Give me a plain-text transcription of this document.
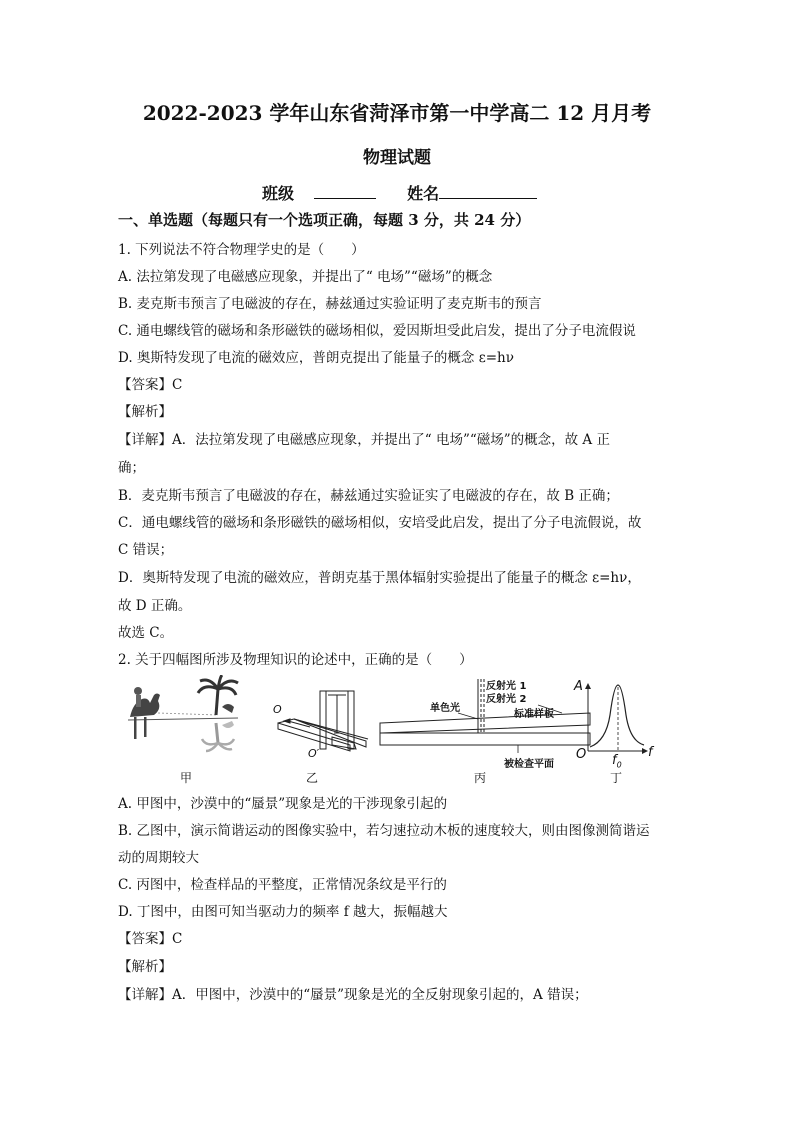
2022-2023 学年山东省菏泽市第一中学高二 12 月月考
物理试题
班级	姓名
一、单选题（每题只有一个选项正确，每题 3 分，共 24 分）
1. 下列说法不符合物理学史的是（　　）
A. 法拉第发现了电磁感应现象，并提出了“ 电场”“磁场”的概念
B. 麦克斯韦预言了电磁波的存在，赫兹通过实验证明了麦克斯韦的预言
C. 通电螺线管的磁场和条形磁铁的磁场相似，爱因斯坦受此启发，提出了分子电流假说
D. 奥斯特发现了电流的磁效应，普朗克提出了能量子的概念 ε=hν
【答案】C
【解析】
【详解】A．法拉第发现了电磁感应现象，并提出了“ 电场”“磁场”的概念，故 A 正
确；
B．麦克斯韦预言了电磁波的存在，赫兹通过实验证实了电磁波的存在，故 B 正确；
C．通电螺线管的磁场和条形磁铁的磁场相似，安培受此启发，提出了分子电流假说，故
C 错误；
D．奥斯特发现了电流的磁效应，普朗克基于黑体辐射实验提出了能量子的概念 ε=hν，
故 D 正确。
故选 C。
2. 关于四幅图所涉及物理知识的论述中，正确的是（　　）
O
O′
反射光 1
反射光 2
单色光
标准样板
被检查平面
A
f
O $f_0$
甲	乙	丙	丁
A. 甲图中，沙漠中的“蜃景”现象是光的干涉现象引起的
B. 乙图中，演示简谐运动的图像实验中，若匀速拉动木板的速度较大，则由图像测简谐运
动的周期较大
C. 丙图中，检查样品的平整度，正常情况条纹是平行的
D. 丁图中，由图可知当驱动力的频率 f 越大，振幅越大
【答案】C
【解析】
【详解】A．甲图中，沙漠中的“蜃景”现象是光的全反射现象引起的，A 错误；
